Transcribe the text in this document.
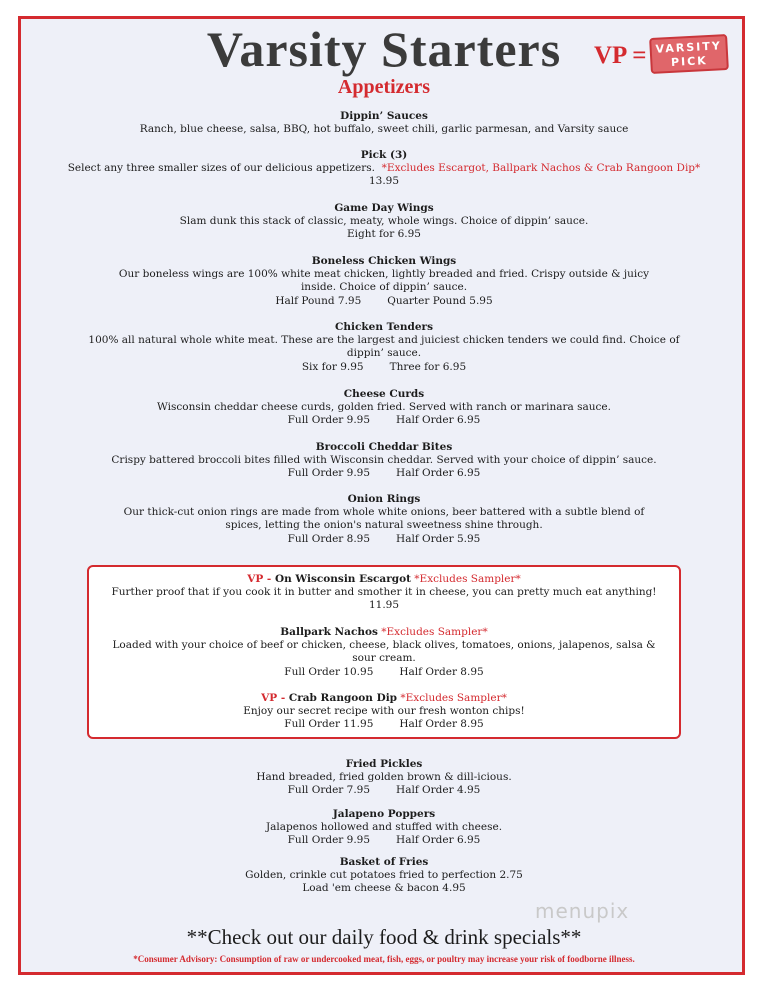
Varsity Starters	VP = VARSITY
PICK
Appetizers
Dippin’ Sauces
Ranch, blue cheese, salsa, BBQ, hot buffalo, sweet chili, garlic parmesan, and Varsity sauce
Pick (3)
Select any three smaller sizes of our delicious appetizers. *Excludes Escargot, Ballpark Nachos & Crab Rangoon Dip*
13.95
Game Day Wings
Slam dunk this stack of classic, meaty, whole wings. Choice of dippin’ sauce.
Eight for 6.95
Boneless Chicken Wings
Our boneless wings are 100% white meat chicken, lightly breaded and fried. Crispy outside & juicy
inside. Choice of dippin’ sauce.
Half Pound 7.95 Quarter Pound 5.95
Chicken Tenders
100% all natural whole white meat. These are the largest and juiciest chicken tenders we could find. Choice of
dippin’ sauce.
Six for 9.95 Three for 6.95
Cheese Curds
Wisconsin cheddar cheese curds, golden fried. Served with ranch or marinara sauce.
Full Order 9.95 Half Order 6.95
Broccoli Cheddar Bites
Crispy battered broccoli bites filled with Wisconsin cheddar. Served with your choice of dippin’ sauce.
Full Order 9.95 Half Order 6.95
Onion Rings
Our thick-cut onion rings are made from whole white onions, beer battered with a subtle blend of
spices, letting the onion's natural sweetness shine through.
Full Order 8.95 Half Order 5.95
VP - On Wisconsin Escargot *Excludes Sampler*
Further proof that if you cook it in butter and smother it in cheese, you can pretty much eat anything!
11.95
Ballpark Nachos *Excludes Sampler*
Loaded with your choice of beef or chicken, cheese, black olives, tomatoes, onions, jalapenos, salsa &
sour cream.
Full Order 10.95 Half Order 8.95
VP - Crab Rangoon Dip *Excludes Sampler*
Enjoy our secret recipe with our fresh wonton chips!
Full Order 11.95 Half Order 8.95
Fried Pickles
Hand breaded, fried golden brown & dill-icious.
Full Order 7.95 Half Order 4.95
Jalapeno Poppers
Jalapenos hollowed and stuffed with cheese.
Full Order 9.95 Half Order 6.95
Basket of Fries
Golden, crinkle cut potatoes fried to perfection 2.75
Load 'em cheese & bacon 4.95
menupix
**Check out our daily food & drink specials**
*Consumer Advisory: Consumption of raw or undercooked meat, fish, eggs, or poultry may increase your risk of foodborne illness.
